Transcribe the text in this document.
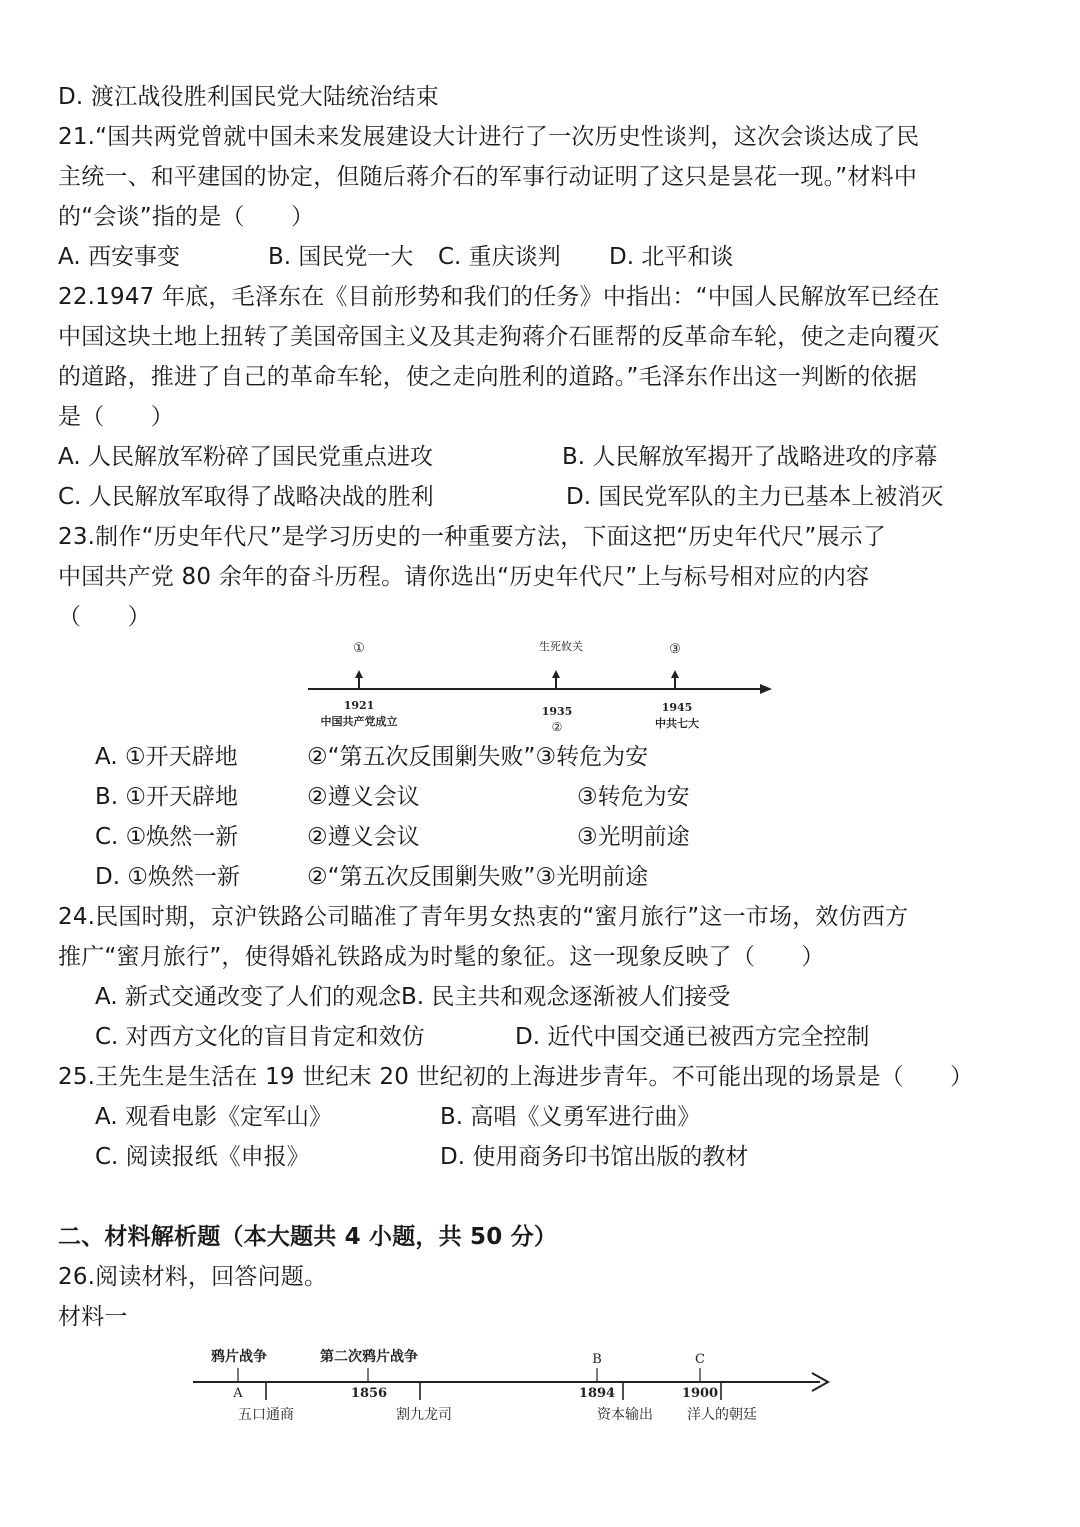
D. 渡江战役胜利国民党大陆统治结束
21.“国共两党曾就中国未来发展建设大计进行了一次历史性谈判，这次会谈达成了民
主统一、和平建国的协定，但随后蒋介石的军事行动证明了这只是昙花一现。”材料中
的“会谈”指的是（　　）
A. 西安事变	B. 国民党一大 C. 重庆谈判 D. 北平和谈
22.1947 年底，毛泽东在《目前形势和我们的任务》中指出：“中国人民解放军已经在
中国这块土地上扭转了美国帝国主义及其走狗蒋介石匪帮的反革命车轮，使之走向覆灭
的道路，推进了自己的革命车轮，使之走向胜利的道路。”毛泽东作出这一判断的依据
是（　　）
A. 人民解放军粉碎了国民党重点进攻	B. 人民解放军揭开了战略进攻的序幕
C. 人民解放军取得了战略决战的胜利	D. 国民党军队的主力已基本上被消灭
23.制作“历史年代尺”是学习历史的一种重要方法，下面这把“历史年代尺”展示了
中国共产党 80 余年的奋斗历程。请你选出“历史年代尺”上与标号相对应的内容
（　　）
①	生死攸关	③
1921
中国共产党成立
1935
②
1945
中共七大
A. ①开天辟地	②“第五次反围剿失败”③转危为安
B. ①开天辟地	②遵义会议	③转危为安
C. ①焕然一新	②遵义会议	③光明前途
D. ①焕然一新	②“第五次反围剿失败”③光明前途
24.民国时期，京沪铁路公司瞄准了青年男女热衷的“蜜月旅行”这一市场，效仿西方
推广“蜜月旅行”，使得婚礼铁路成为时髦的象征。这一现象反映了（　　）
A. 新式交通改变了人们的观念B. 民主共和观念逐渐被人们接受
C. 对西方文化的盲目肯定和效仿	D. 近代中国交通已被西方完全控制
25.王先生是生活在 19 世纪末 20 世纪初的上海进步青年。不可能出现的场景是（　　）
A. 观看电影《定军山》	B. 高唱《义勇军进行曲》
C. 阅读报纸《申报》	D. 使用商务印书馆出版的教材
二、材料解析题（本大题共 4 小题，共 50 分）
26.阅读材料，回答问题。
材料一
鸦片战争	第二次鸦片战争	B	C
A	1856	1894	1900
五口通商	割九龙司	资本输出 洋人的朝廷
